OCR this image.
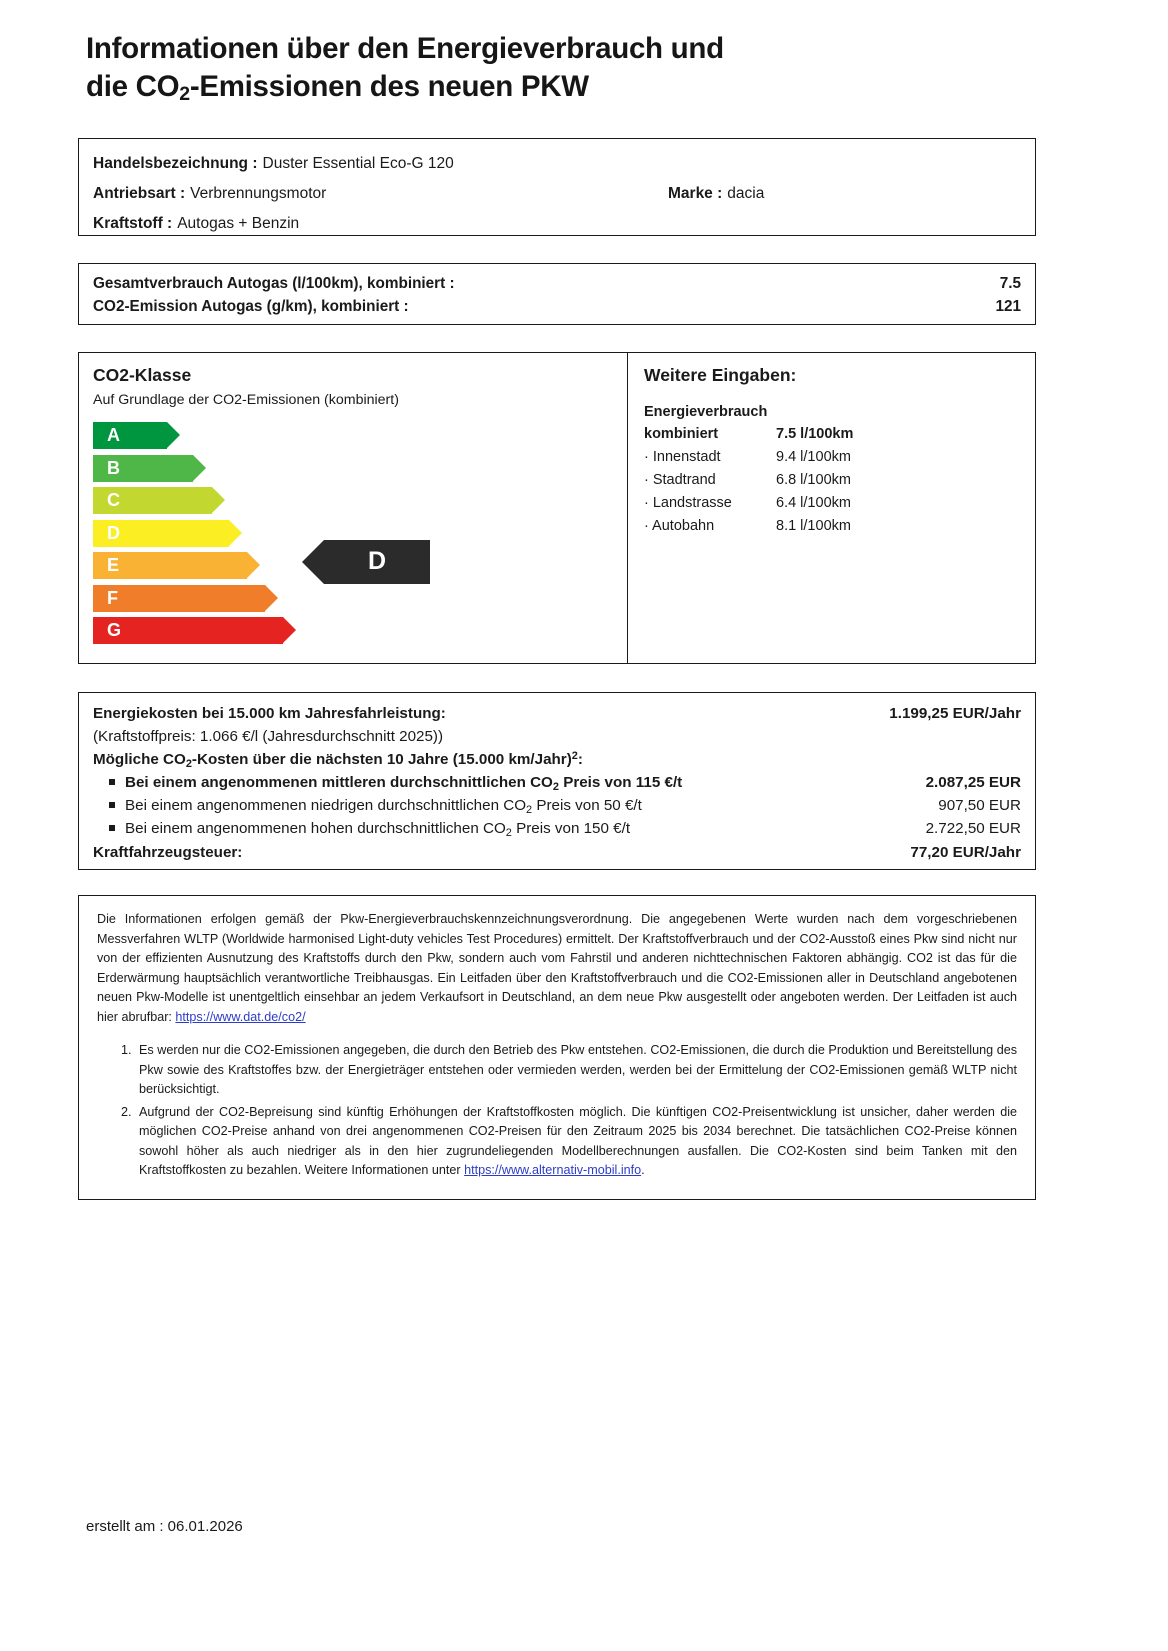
Informationen über den Energieverbrauch und
die $CO_2$-Emissionen des neuen PKW
Handelsbezeichnung : Duster Essential Eco-G 120
Antriebsart : Verbrennungsmotor	Marke : dacia
Kraftstoff : Autogas + Benzin
Gesamtverbrauch Autogas (l/100km), kombiniert :	7.5
CO2-Emission Autogas (g/km), kombiniert :	121
CO2-Klasse
Auf Grundlage der CO2-Emissionen (kombiniert)
A
B
C
D
E
F
G
D
Weitere Eingaben:
Energieverbrauch
kombiniert	7.5 l/100km
· Innenstadt	9.4 l/100km
· Stadtrand	6.8 l/100km
· Landstrasse	6.4 l/100km
· Autobahn	8.1 l/100km
Energiekosten bei 15.000 km Jahresfahrleistung:	1.199,25 EUR/Jahr
(Kraftstoffpreis: 1.066 €/l (Jahresdurchschnitt 2025))
Mögliche $CO_2$-Kosten über die nächsten 10 Jahre (15.000 km/Jahr)$^2$:
Bei einem angenommenen mittleren durchschnittlichen $CO_2$ Preis von 115 €/t	2.087,25 EUR
Bei einem angenommenen niedrigen durchschnittlichen $CO_2$ Preis von 50 €/t	907,50 EUR
Bei einem angenommenen hohen durchschnittlichen $CO_2$ Preis von 150 €/t	2.722,50 EUR
Kraftfahrzeugsteuer:	77,20 EUR/Jahr

Die Informationen erfolgen gemäß der Pkw-Energieverbrauchskennzeichnungsverordnung. Die angegebenen Werte wurden nach dem vorgeschriebenen Messverfahren WLTP (Worldwide harmonised Light-duty vehicles Test Procedures) ermittelt. Der Kraftstoffverbrauch und der CO2-Ausstoß eines Pkw sind nicht nur von der effizienten Ausnutzung des Kraftstoffs durch den Pkw, sondern auch vom Fahrstil und anderen nichttechnischen Faktoren abhängig. CO2 ist das für die Erderwärmung hauptsächlich verantwortliche Treibhausgas. Ein Leitfaden über den Kraftstoffverbrauch und die CO2-Emissionen aller in Deutschland angebotenen neuen Pkw-Modelle ist unentgeltlich einsehbar an jedem Verkaufsort in Deutschland, an dem neue Pkw ausgestellt oder angeboten werden. Der Leitfaden ist auch hier abrufbar: https://www.dat.de/co2/

1. Es werden nur die CO2-Emissionen angegeben, die durch den Betrieb des Pkw entstehen. CO2-Emissionen, die durch die Produktion und Bereitstellung des Pkw sowie des Kraftstoffes bzw. der Energieträger entstehen oder vermieden werden, werden bei der Ermittelung der CO2-Emissionen gemäß WLTP nicht berücksichtigt.
2. Aufgrund der CO2-Bepreisung sind künftig Erhöhungen der Kraftstoffkosten möglich. Die künftigen CO2-Preisentwicklung ist unsicher, daher werden die möglichen CO2-Preise anhand von drei angenommenen CO2-Preisen für den Zeitraum 2025 bis 2034 berechnet. Die tatsächlichen CO2-Preise können sowohl höher als auch niedriger als in den hier zugrundeliegenden Modellberechnungen ausfallen. Die CO2-Kosten sind beim Tanken mit den Kraftstoffkosten zu bezahlen. Weitere Informationen unter https://www.alternativ-mobil.info.
erstellt am : 06.01.2026
